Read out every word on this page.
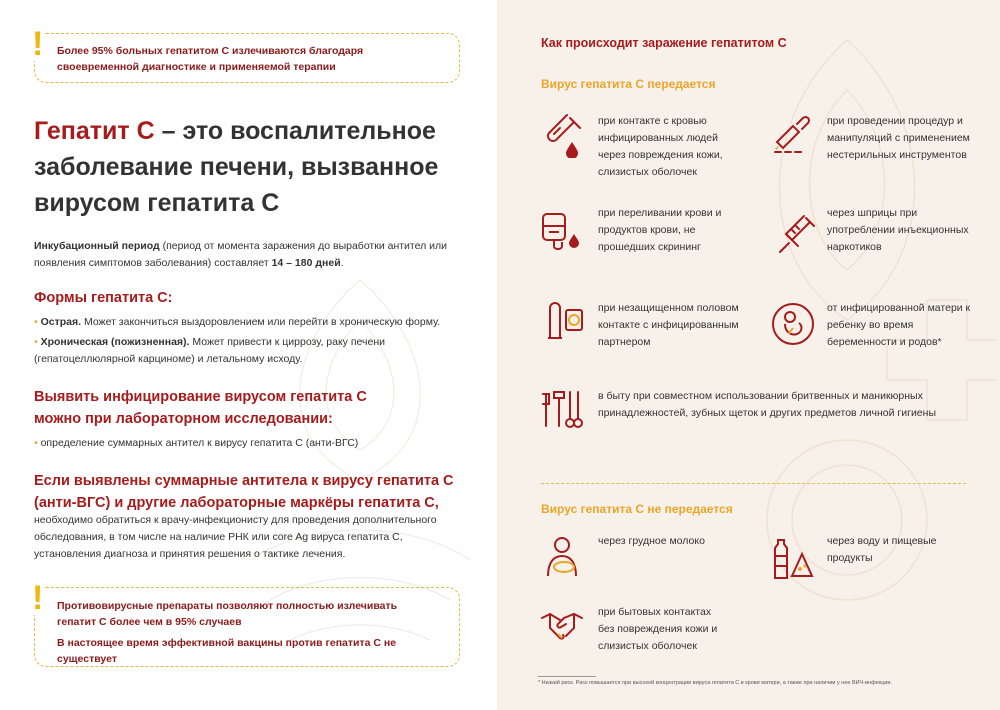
! Более 95% больных гепатитом С излечиваются благодаря своевременной диагностике и применяемой терапии
Гепатит С – это воспалительное заболевание печени, вызванное вирусом гепатита С
Инкубационный период (период от момента заражения до выработки антител или появления симптомов заболевания) составляет 14 – 180 дней.
Формы гепатита С:
• Острая. Может закончиться выздоровлением или перейти в хроническую форму.
• Хроническая (пожизненная). Может привести к циррозу, раку печени (гепатоцеллюлярной карциноме) и летальному исходу.
Выявить инфицирование вирусом гепатита С можно при лабораторном исследовании:
• определение суммарных антител к вирусу гепатита С (анти-ВГС)
Если выявлены суммарные антитела к вирусу гепатита С (анти-ВГС) и другие лабораторные маркёры гепатита С,
необходимо обратиться к врачу-инфекционисту для проведения дополнительного обследования, в том числе на наличие РНК или core Ag вируса гепатита С, установления диагноза и принятия решения о тактике лечения.
! Противовирусные препараты позволяют полностью излечивать гепатит С более чем в 95% случаев
В настоящее время эффективной вакцины против гепатита С не существует
Как происходит заражение гепатитом С
Вирус гепатита С передается
при контакте с кровью инфицированных людей через повреждения кожи, слизистых оболочек
при проведении процедур и манипуляций с применением нестерильных инструментов
при переливании крови и продуктов крови, не прошедших скрининг
через шприцы при употреблении инъекционных наркотиков
при незащищенном половом контакте с инфицированным партнером
от инфицированной матери к ребенку во время беременности и родов*
в быту при совместном использовании бритвенных и маникюрных принадлежностей, зубных щеток и других предметов личной гигиены
Вирус гепатита С не передается
через грудное молоко	через воду и пищевые продукты
при бытовых контактах без повреждения кожи и слизистых оболочек
* Низкий риск. Риск повышается при высокой концентрации вируса гепатита С в крови матери, а также при наличии у нее ВИЧ-инфекции.
